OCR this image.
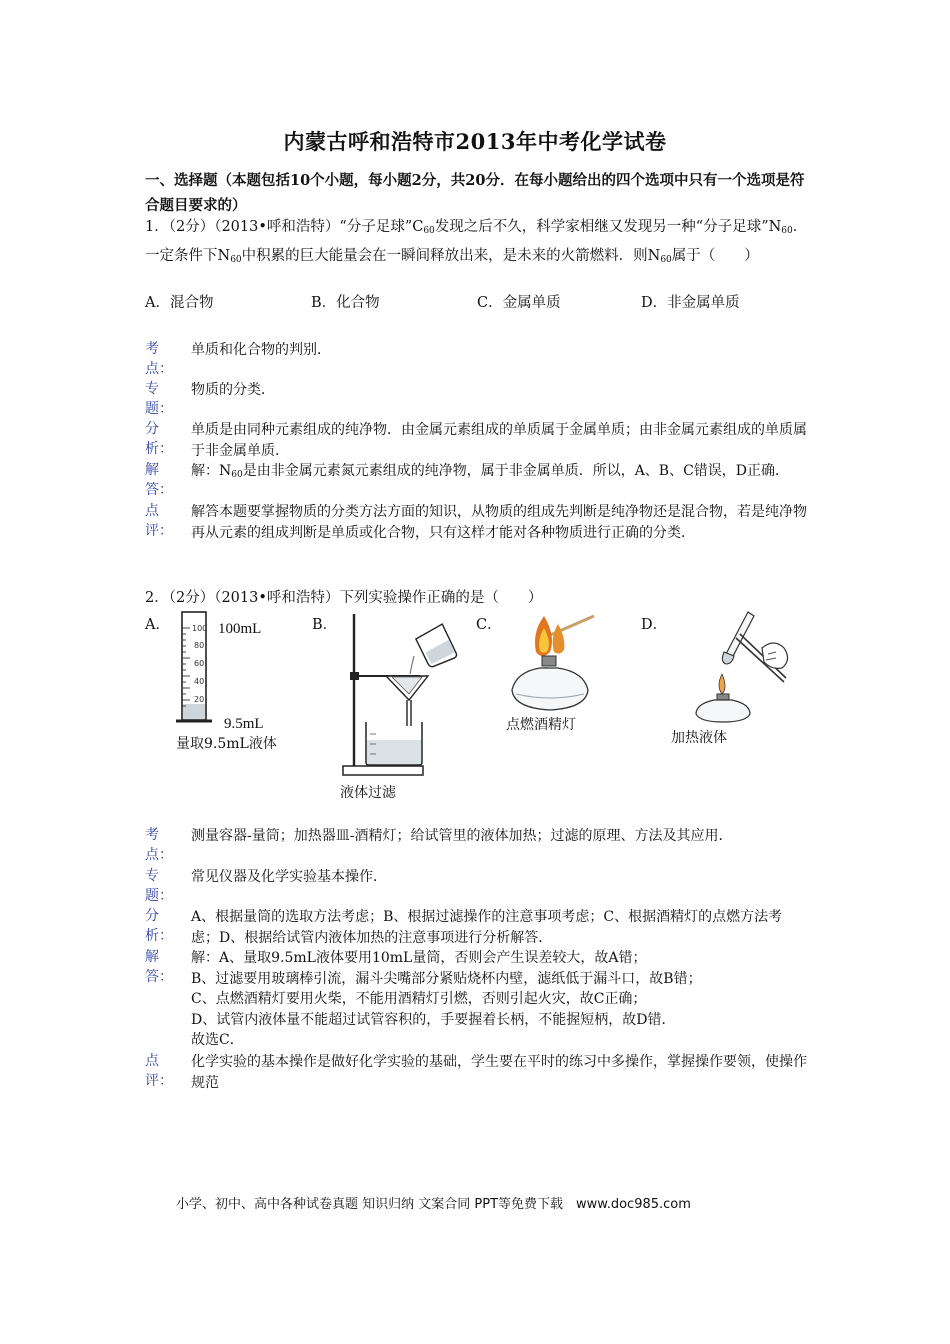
内蒙古呼和浩特市2013年中考化学试卷
一、选择题（本题包括10个小题，每小题2分，共20分．在每小题给出的四个选项中只有一个选项是符合题目要求的）
1．（2分）（2013•呼和浩特）“分子足球$”C_{60}$发现之后不久，科学家相继又发现另一种“分子足球$”N_{60}$．一定条件下$N_{60}$中积累的巨大能量会在一瞬间释放出来，是未来的火箭燃料．则$N_{60}$属于（　　）
A．混合物	B．化合物	C．金属单质	D．非金属单质
考点：
单质和化合物的判别．
专题：
物质的分类．
分析：
单质是由同种元素组成的纯净物．由金属元素组成的单质属于金属单质；由非金属元素组成的单质属于非金属单质．
解答：
解：$N_{60}$是由非金属元素氮元素组成的纯净物，属于非金属单质．所以，A、B、C错误，D正确．
点评：
解答本题要掌握物质的分类方法方面的知识，从物质的组成先判断是纯净物还是混合物，若是纯净物再从元素的组成判断是单质或化合物，只有这样才能对各种物质进行正确的分类．
2．（2分）（2013•呼和浩特）下列实验操作正确的是（　　）
A．	B．	C．	D．
100
80
60
40
20
100mL
9.5mL
量取9.5mL液体
液体过滤
点燃酒精灯
加热液体
考点：
测量容器-量筒；加热器皿-酒精灯；给试管里的液体加热；过滤的原理、方法及其应用．
专题：
常见仪器及化学实验基本操作．
分析：
A、根据量筒的选取方法考虑；B、根据过滤操作的注意事项考虑；C、根据酒精灯的点燃方法考虑；D、根据给试管内液体加热的注意事项进行分析解答．
解答：
解：A、量取9.5mL液体要用10mL量筒，否则会产生误差较大，故A错；
B、过滤要用玻璃棒引流，漏斗尖嘴部分紧贴烧杯内壁，滤纸低于漏斗口，故B错；
C、点燃酒精灯要用火柴，不能用酒精灯引燃，否则引起火灾，故C正确；
D、试管内液体量不能超过试管容积的，手要握着长柄，不能握短柄，故D错．
故选C．
点评：
化学实验的基本操作是做好化学实验的基础，学生要在平时的练习中多操作，掌握操作要领，使操作规范
小学、初中、高中各种试卷真题 知识归纳 文案合同 PPT等免费下载　www.doc985.com
